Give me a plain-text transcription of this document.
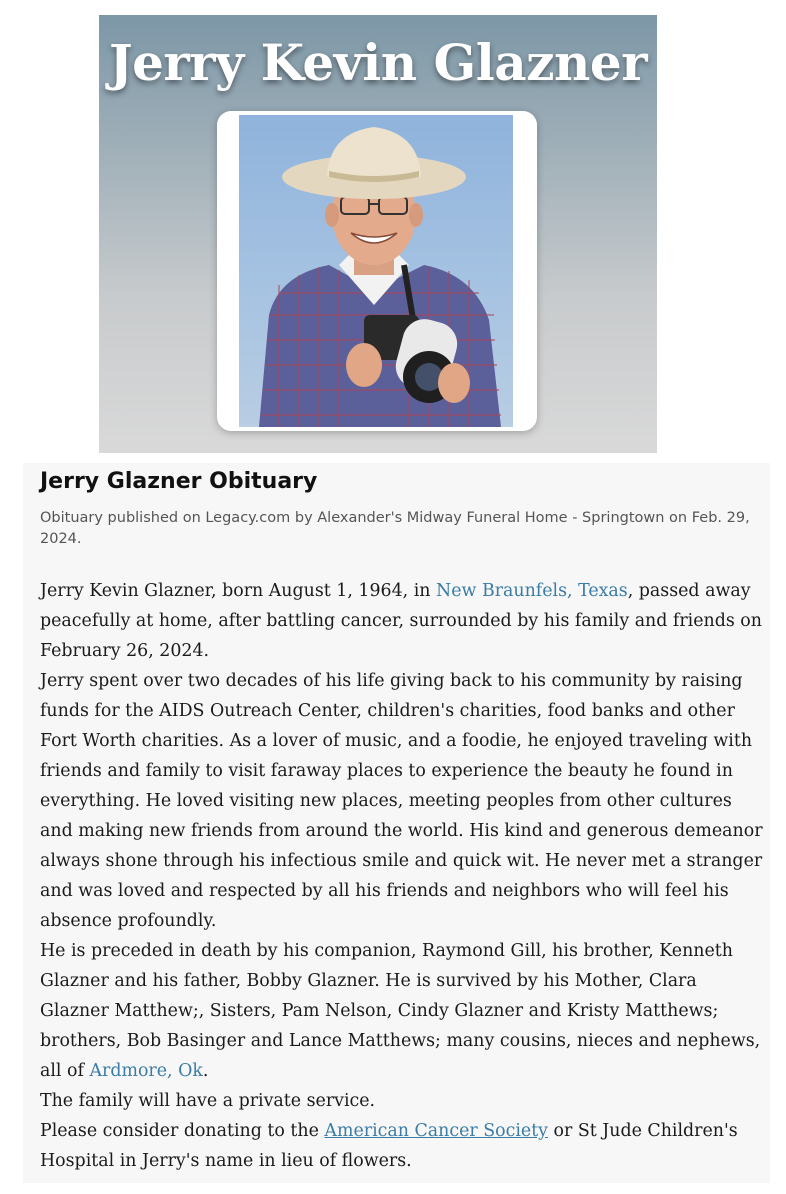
Jerry Kevin Glazner
Jerry Glazner Obituary

Obituary published on Legacy.com by Alexander's Midway Funeral Home - Springtown on Feb. 29, 2024.

Jerry Kevin Glazner, born August 1, 1964, in New Braunfels, Texas, passed away peacefully at home, after battling cancer, surrounded by his family and friends on February 26, 2024.

Jerry spent over two decades of his life giving back to his community by raising funds for the AIDS Outreach Center, children's charities, food banks and other Fort Worth charities. As a lover of music, and a foodie, he enjoyed traveling with friends and family to visit faraway places to experience the beauty he found in everything. He loved visiting new places, meeting peoples from other cultures and making new friends from around the world. His kind and generous demeanor always shone through his infectious smile and quick wit. He never met a stranger and was loved and respected by all his friends and neighbors who will feel his absence profoundly.

He is preceded in death by his companion, Raymond Gill, his brother, Kenneth Glazner and his father, Bobby Glazner. He is survived by his Mother, Clara Glazner Matthew;, Sisters, Pam Nelson, Cindy Glazner and Kristy Matthews; brothers, Bob Basinger and Lance Matthews; many cousins, nieces and nephews, all of Ardmore, Ok.

The family will have a private service.

Please consider donating to the American Cancer Society or St Jude Children's Hospital in Jerry's name in lieu of flowers.
